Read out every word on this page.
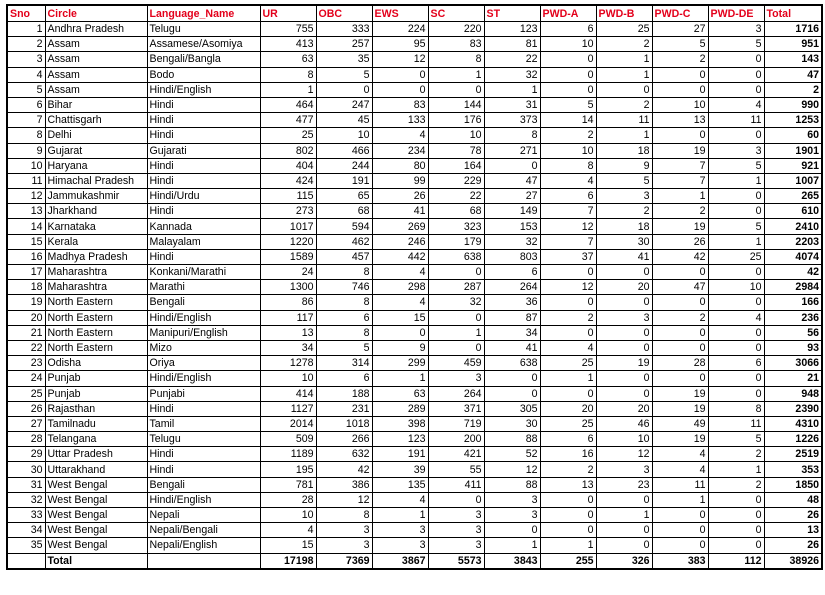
Sno	Circle	Language_Name	UR	OBC	EWS	SC	ST	PWD-A	PWD-B	PWD-C	PWD-DE	Total
1	Andhra Pradesh	Telugu	755	333	224	220	123	6	25	27	3	1716
2	Assam	Assamese/Asomiya	413	257	95	83	81	10	2	5	5	951
3	Assam	Bengali/Bangla	63	35	12	8	22	0	1	2	0	143
4	Assam	Bodo	8	5	0	1	32	0	1	0	0	47
5	Assam	Hindi/English	1	0	0	0	1	0	0	0	0	2
6	Bihar	Hindi	464	247	83	144	31	5	2	10	4	990
7	Chattisgarh	Hindi	477	45	133	176	373	14	11	13	11	1253
8	Delhi	Hindi	25	10	4	10	8	2	1	0	0	60
9	Gujarat	Gujarati	802	466	234	78	271	10	18	19	3	1901
10	Haryana	Hindi	404	244	80	164	0	8	9	7	5	921
11	Himachal Pradesh	Hindi	424	191	99	229	47	4	5	7	1	1007
12	Jammukashmir	Hindi/Urdu	115	65	26	22	27	6	3	1	0	265
13	Jharkhand	Hindi	273	68	41	68	149	7	2	2	0	610
14	Karnataka	Kannada	1017	594	269	323	153	12	18	19	5	2410
15	Kerala	Malayalam	1220	462	246	179	32	7	30	26	1	2203
16	Madhya Pradesh	Hindi	1589	457	442	638	803	37	41	42	25	4074
17	Maharashtra	Konkani/Marathi	24	8	4	0	6	0	0	0	0	42
18	Maharashtra	Marathi	1300	746	298	287	264	12	20	47	10	2984
19	North Eastern	Bengali	86	8	4	32	36	0	0	0	0	166
20	North Eastern	Hindi/English	117	6	15	0	87	2	3	2	4	236
21	North Eastern	Manipuri/English	13	8	0	1	34	0	0	0	0	56
22	North Eastern	Mizo	34	5	9	0	41	4	0	0	0	93
23	Odisha	Oriya	1278	314	299	459	638	25	19	28	6	3066
24	Punjab	Hindi/English	10	6	1	3	0	1	0	0	0	21
25	Punjab	Punjabi	414	188	63	264	0	0	0	19	0	948
26	Rajasthan	Hindi	1127	231	289	371	305	20	20	19	8	2390
27	Tamilnadu	Tamil	2014	1018	398	719	30	25	46	49	11	4310
28	Telangana	Telugu	509	266	123	200	88	6	10	19	5	1226
29	Uttar Pradesh	Hindi	1189	632	191	421	52	16	12	4	2	2519
30	Uttarakhand	Hindi	195	42	39	55	12	2	3	4	1	353
31	West Bengal	Bengali	781	386	135	411	88	13	23	11	2	1850
32	West Bengal	Hindi/English	28	12	4	0	3	0	0	1	0	48
33	West Bengal	Nepali	10	8	1	3	3	0	1	0	0	26
34	West Bengal	Nepali/Bengali	4	3	3	3	0	0	0	0	0	13
35	West Bengal	Nepali/English	15	3	3	3	1	1	0	0	0	26
	Total		17198	7369	3867	5573	3843	255	326	383	112	38926
